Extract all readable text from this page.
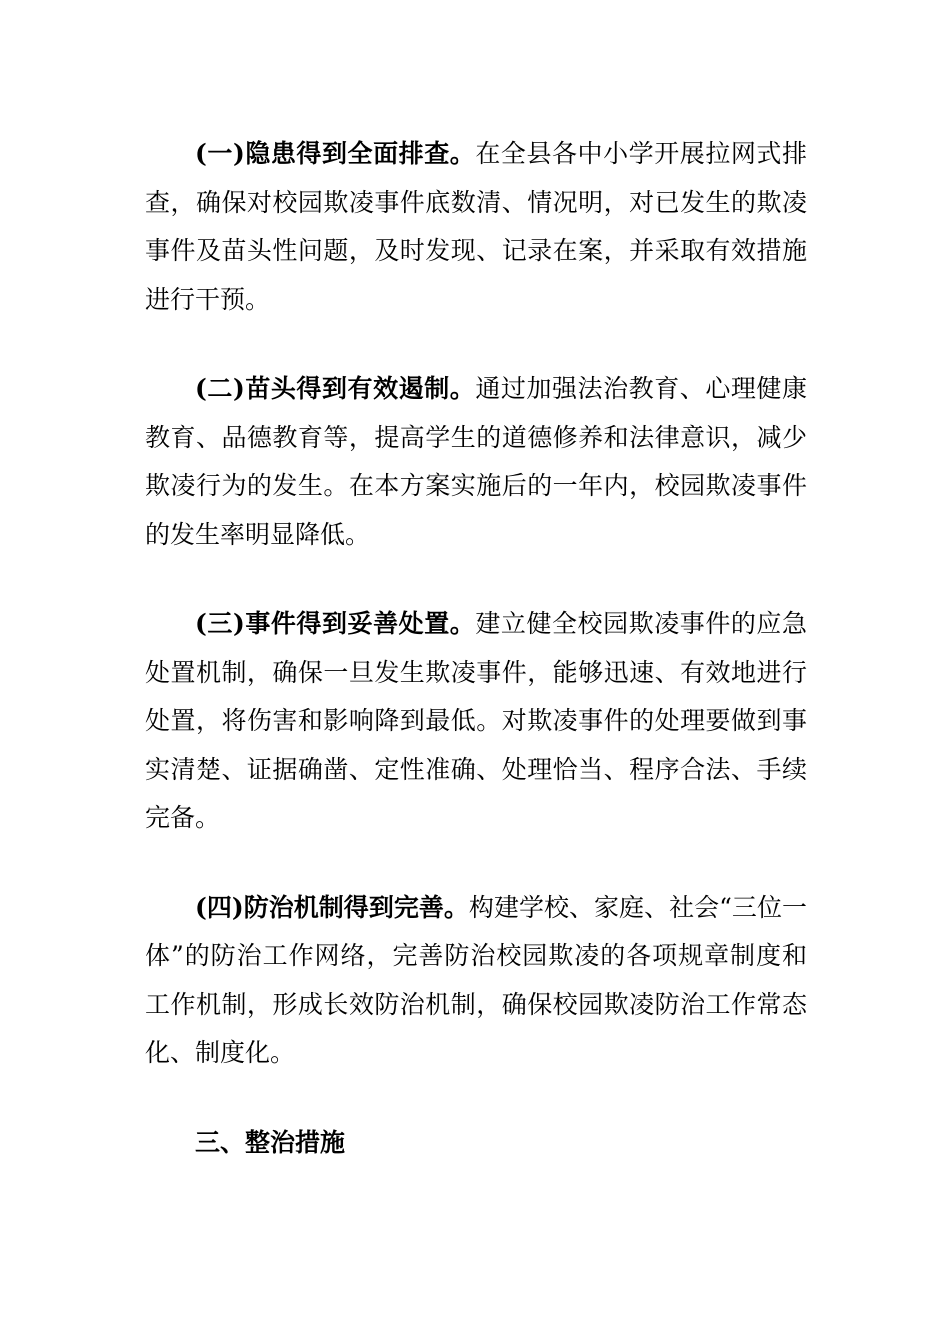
(一)隐患得到全面排查。在全县各中小学开展拉网式排查，确保对校园欺凌事件底数清、情况明，对已发生的欺凌事件及苗头性问题，及时发现、记录在案，并采取有效措施进行干预。

(二)苗头得到有效遏制。通过加强法治教育、心理健康教育、品德教育等，提高学生的道德修养和法律意识，减少欺凌行为的发生。在本方案实施后的一年内，校园欺凌事件的发生率明显降低。

(三)事件得到妥善处置。建立健全校园欺凌事件的应急处置机制，确保一旦发生欺凌事件，能够迅速、有效地进行处置，将伤害和影响降到最低。对欺凌事件的处理要做到事实清楚、证据确凿、定性准确、处理恰当、程序合法、手续完备。

(四)防治机制得到完善。构建学校、家庭、社会“三位一体”的防治工作网络，完善防治校园欺凌的各项规章制度和工作机制，形成长效防治机制，确保校园欺凌防治工作常态化、制度化。

三、整治措施
